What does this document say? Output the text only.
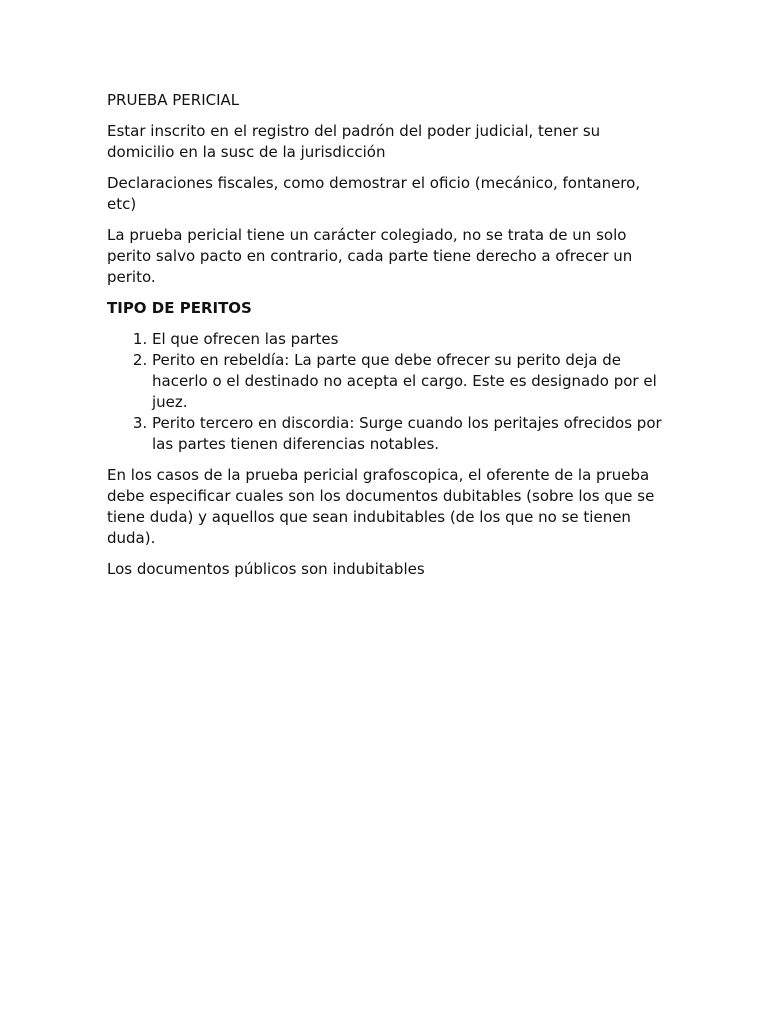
PRUEBA PERICIAL

Estar inscrito en el registro del padrón del poder judicial, tener su domicilio en la susc de la jurisdicción

Declaraciones fiscales, como demostrar el oficio (mecánico, fontanero, etc)

La prueba pericial tiene un carácter colegiado, no se trata de un solo perito salvo pacto en contrario, cada parte tiene derecho a ofrecer un perito.

TIPO DE PERITOS

1. El que ofrecen las partes
2. Perito en rebeldía: La parte que debe ofrecer su perito deja de hacerlo o el destinado no acepta el cargo. Este es designado por el juez.
3. Perito tercero en discordia: Surge cuando los peritajes ofrecidos por las partes tienen diferencias notables.

En los casos de la prueba pericial grafoscopica, el oferente de la prueba debe especificar cuales son los documentos dubitables (sobre los que se tiene duda) y aquellos que sean indubitables (de los que no se tienen duda).

Los documentos públicos son indubitables
